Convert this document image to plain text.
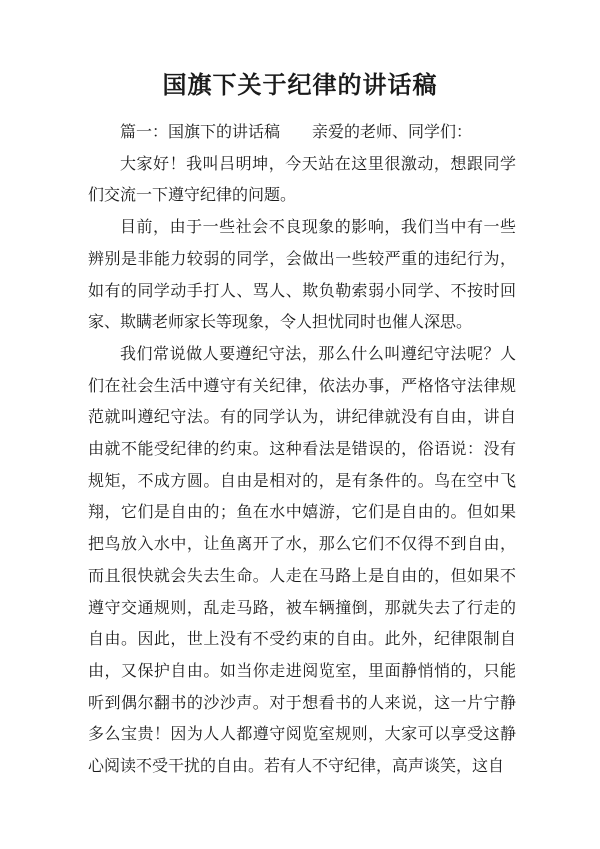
国旗下关于纪律的讲话稿

篇一：国旗下的讲话稿　　亲爱的老师、同学们：

大家好！我叫吕明坤，今天站在这里很激动，想跟同学们交流一下遵守纪律的问题。

目前，由于一些社会不良现象的影响，我们当中有一些辨别是非能力较弱的同学，会做出一些较严重的违纪行为，如有的同学动手打人、骂人、欺负勒索弱小同学、不按时回家、欺瞒老师家长等现象，令人担忧同时也催人深思。

我们常说做人要遵纪守法，那么什么叫遵纪守法呢？人们在社会生活中遵守有关纪律，依法办事，严格恪守法律规范就叫遵纪守法。有的同学认为，讲纪律就没有自由，讲自由就不能受纪律的约束。这种看法是错误的，俗语说：没有规矩，不成方圆。自由是相对的，是有条件的。鸟在空中飞翔，它们是自由的；鱼在水中嬉游，它们是自由的。但如果把鸟放入水中，让鱼离开了水，那么它们不仅得不到自由，而且很快就会失去生命。人走在马路上是自由的，但如果不遵守交通规则，乱走马路，被车辆撞倒，那就失去了行走的自由。因此，世上没有不受约束的自由。此外，纪律限制自由，又保护自由。如当你走进阅览室，里面静悄悄的，只能听到偶尔翻书的沙沙声。对于想看书的人来说，这一片宁静多么宝贵！因为人人都遵守阅览室规则，大家可以享受这静心阅读不受干扰的自由。若有人不守纪律，高声谈笑，这自
